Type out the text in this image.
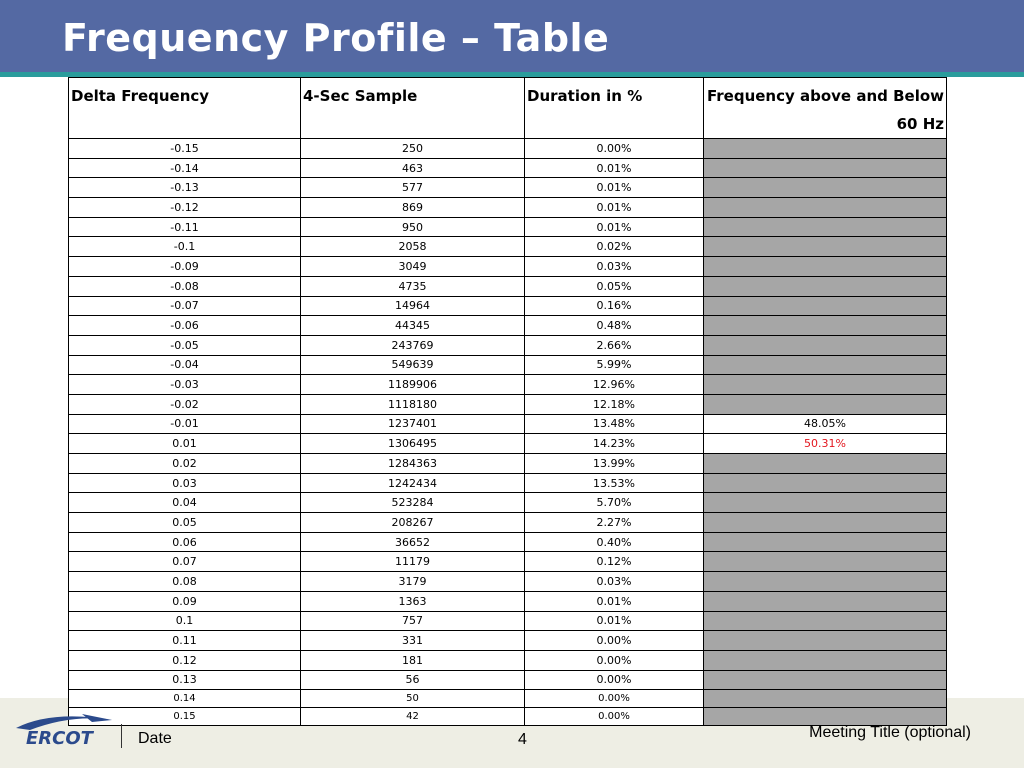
Frequency Profile – Table
Delta Frequency	4-Sec Sample	Duration in %	Frequency above and Below 60 Hz
-0.15	250	0.00%	
-0.14	463	0.01%	
-0.13	577	0.01%	
-0.12	869	0.01%	
-0.11	950	0.01%	
-0.1	2058	0.02%	
-0.09	3049	0.03%	
-0.08	4735	0.05%	
-0.07	14964	0.16%	
-0.06	44345	0.48%	
-0.05	243769	2.66%	
-0.04	549639	5.99%	
-0.03	1189906	12.96%	
-0.02	1118180	12.18%	
-0.01	1237401	13.48%	48.05%
0.01	1306495	14.23%	50.31%
0.02	1284363	13.99%	
0.03	1242434	13.53%	
0.04	523284	5.70%	
0.05	208267	2.27%	
0.06	36652	0.40%	
0.07	11179	0.12%	
0.08	3179	0.03%	
0.09	1363	0.01%	
0.1	757	0.01%	
0.11	331	0.00%	
0.12	181	0.00%	
0.13	56	0.00%	
0.14	50	0.00%	
0.15	42	0.00%	
ERCOT	Date	4	Meeting Title (optional)
